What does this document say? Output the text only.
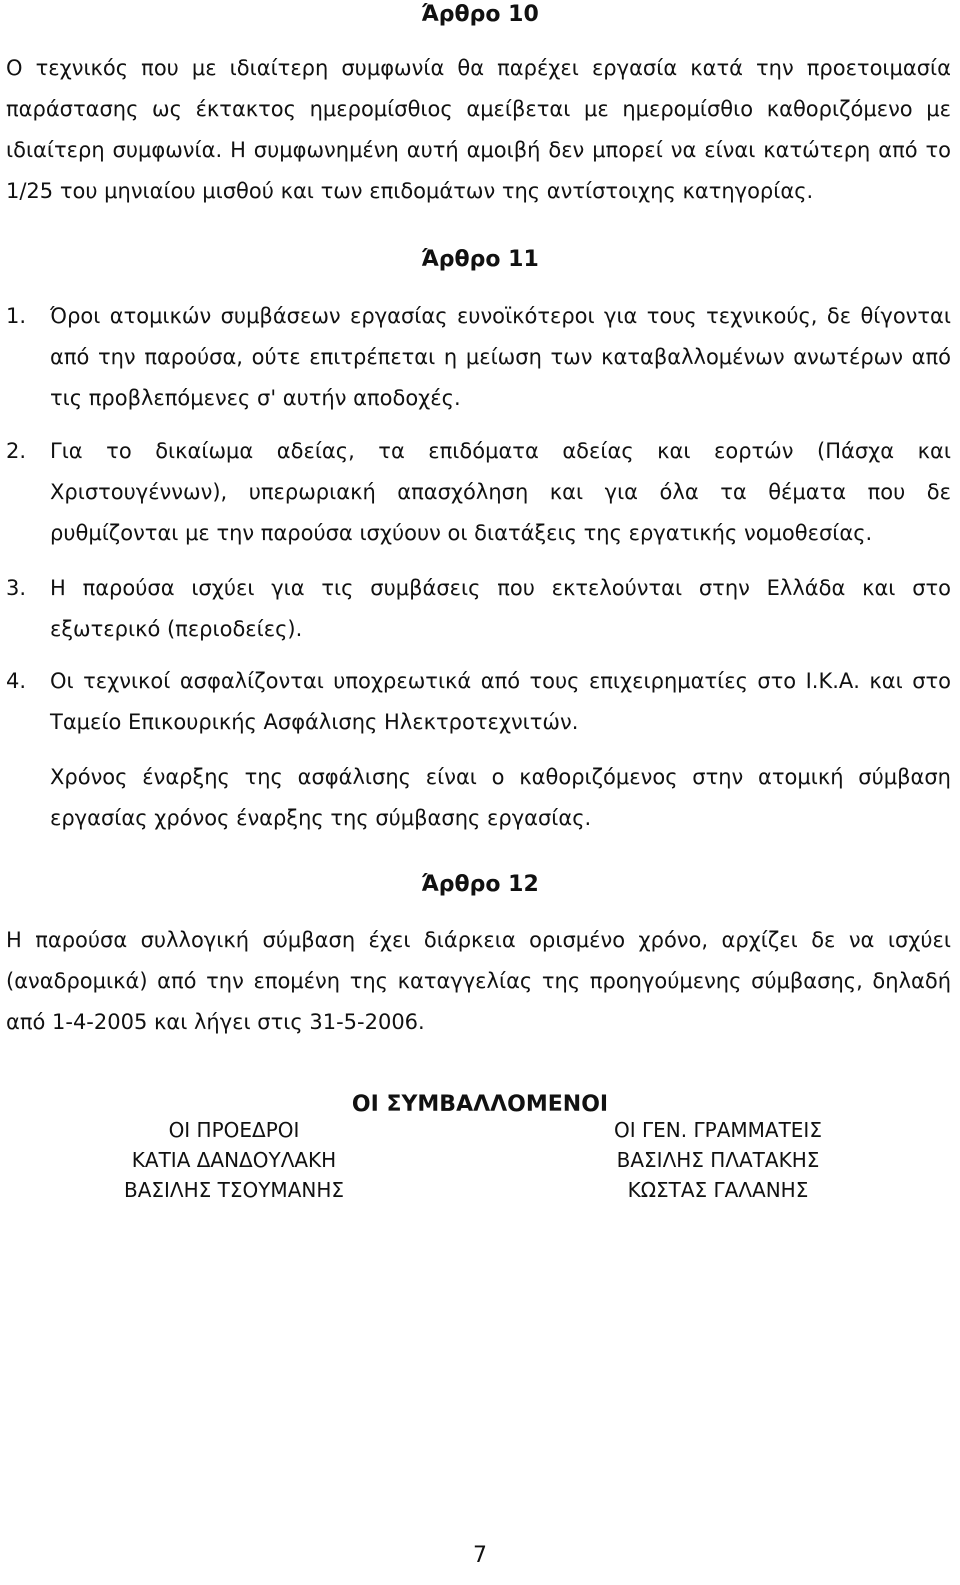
Άρθρο 10

Ο τεχνικός που με ιδιαίτερη συμφωνία θα παρέχει εργασία κατά την προετοιμασία παράστασης ως έκτακτος ημερομίσθιος αμείβεται με ημερομίσθιο καθοριζόμενο με ιδιαίτερη συμφωνία. Η συμφωνημένη αυτή αμοιβή δεν μπορεί να είναι κατώτερη από το 1/25 του μηνιαίου μισθού και των επιδομάτων της αντίστοιχης κατηγορίας.

Άρθρο 11
1. Όροι ατομικών συμβάσεων εργασίας ευνοϊκότεροι για τους τεχνικούς, δε θίγονται από την παρούσα, ούτε επιτρέπεται η μείωση των καταβαλλομένων ανωτέρων από τις προβλεπόμενες σ' αυτήν αποδοχές.
2. Για το δικαίωμα αδείας, τα επιδόματα αδείας και εορτών (Πάσχα και Χριστουγέννων), υπερωριακή απασχόληση και για όλα τα θέματα που δε ρυθμίζονται με την παρούσα ισχύουν οι διατάξεις της εργατικής νομοθεσίας.
3. Η παρούσα ισχύει για τις συμβάσεις που εκτελούνται στην Ελλάδα και στο εξωτερικό (περιοδείες).
4. Οι τεχνικοί ασφαλίζονται υποχρεωτικά από τους επιχειρηματίες στο Ι.Κ.Α. και στο Ταμείο Επικουρικής Ασφάλισης Ηλεκτροτεχνιτών.

Χρόνος έναρξης της ασφάλισης είναι ο καθοριζόμενος στην ατομική σύμβαση εργασίας χρόνος έναρξης της σύμβασης εργασίας.

Άρθρο 12

Η παρούσα συλλογική σύμβαση έχει διάρκεια ορισμένο χρόνο, αρχίζει δε να ισχύει (αναδρομικά) από την επομένη της καταγγελίας της προηγούμενης σύμβασης, δηλαδή από 1-4-2005 και λήγει στις 31-5-2006.

ΟΙ ΣΥΜΒΑΛΛΟΜΕΝΟΙ
ΟΙ ΠΡΟΕΔΡΟΙ
ΚΑΤΙΑ ΔΑΝΔΟΥΛΑΚΗ
ΒΑΣΙΛΗΣ ΤΣΟΥΜΑΝΗΣ
ΟΙ ΓΕΝ. ΓΡΑΜΜΑΤΕΙΣ
ΒΑΣΙΛΗΣ ΠΛΑΤΑΚΗΣ
ΚΩΣΤΑΣ ΓΑΛΑΝΗΣ
7
